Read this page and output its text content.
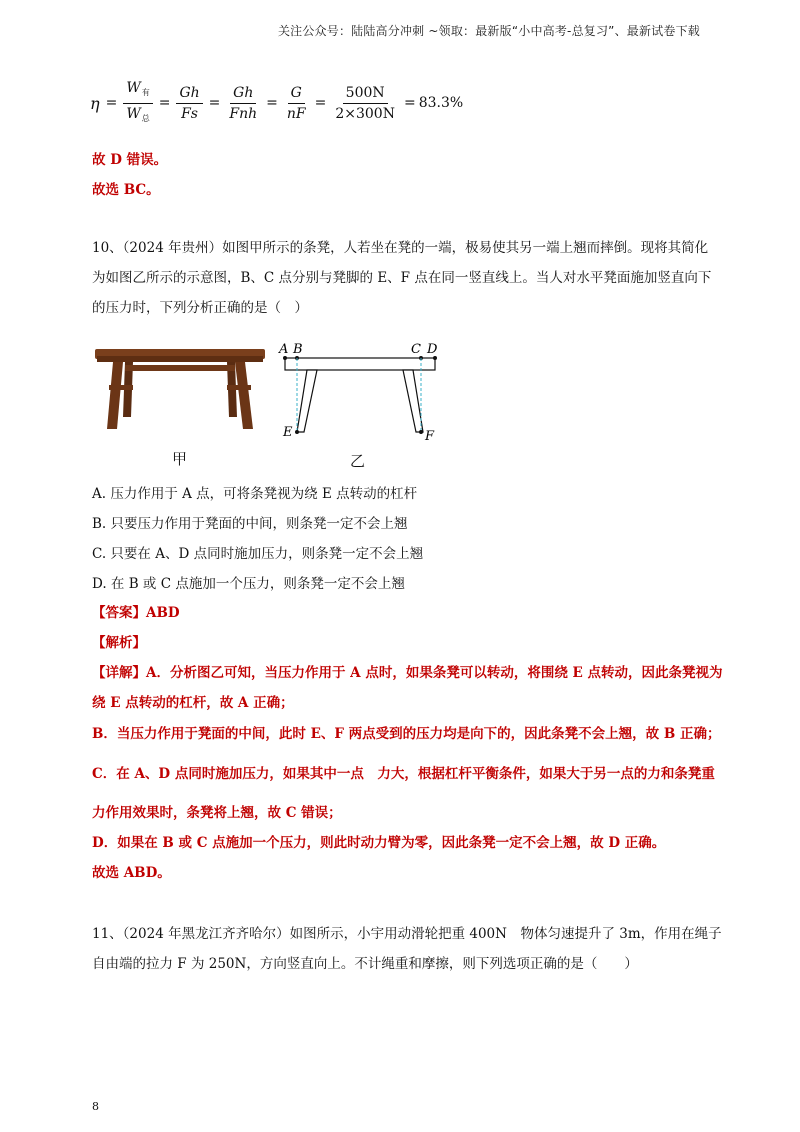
关注公众号：陆陆高分冲刺 ~领取：最新版“小中高考-总复习”、最新试卷下载
$\eta = \frac{W_有}{W_总} = \frac{Gh}{Fs} = \frac{Gh}{\text{Fnh}} = \frac{G}{nF} = \frac{500N}{2\times 300N} = 83.3\%$
故 D 错误。
故选 BC。
10、（2024 年贵州）如图甲所示的条凳，人若坐在凳的一端，极易使其另一端上翘而摔倒。现将其简化
为如图乙所示的示意图，B、C 点分别与凳脚的 E、F 点在同一竖直线上。当人对水平凳面施加竖直向下
的压力时，下列分析正确的是（　）
A B	C D
E	F
甲	乙
A. 压力作用于 A 点，可将条凳视为绕 E 点转动的杠杆
B. 只要压力作用于凳面的中间，则条凳一定不会上翘
C. 只要在 A、D 点同时施加压力，则条凳一定不会上翘
D. 在 B 或 C 点施加一个压力，则条凳一定不会上翘
【答案】ABD
【解析】
【详解】A．分析图乙可知，当压力作用于 A 点时，如果条凳可以转动，将围绕 E 点转动，因此条凳视为
绕 E 点转动的杠杆，故 A 正确；
B．当压力作用于凳面的中间，此时 E、F 两点受到的压力均是向下的，因此条凳不会上翘，故 B 正确；
C．在 A、D 点同时施加压力，如果其中一点　力大，根据杠杆平衡条件，如果大于另一点的力和条凳重
力作用效果时，条凳将上翘，故 C 错误；
D．如果在 B 或 C 点施加一个压力，则此时动力臂为零，因此条凳一定不会上翘，故 D 正确。
故选 ABD。
11、（2024 年黑龙江齐齐哈尔）如图所示，小宇用动滑轮把重 400N　物体匀速提升了 3m，作用在绳子
自由端的拉力 F 为 250N，方向竖直向上。不计绳重和摩擦，则下列选项正确的是（　　）
8
